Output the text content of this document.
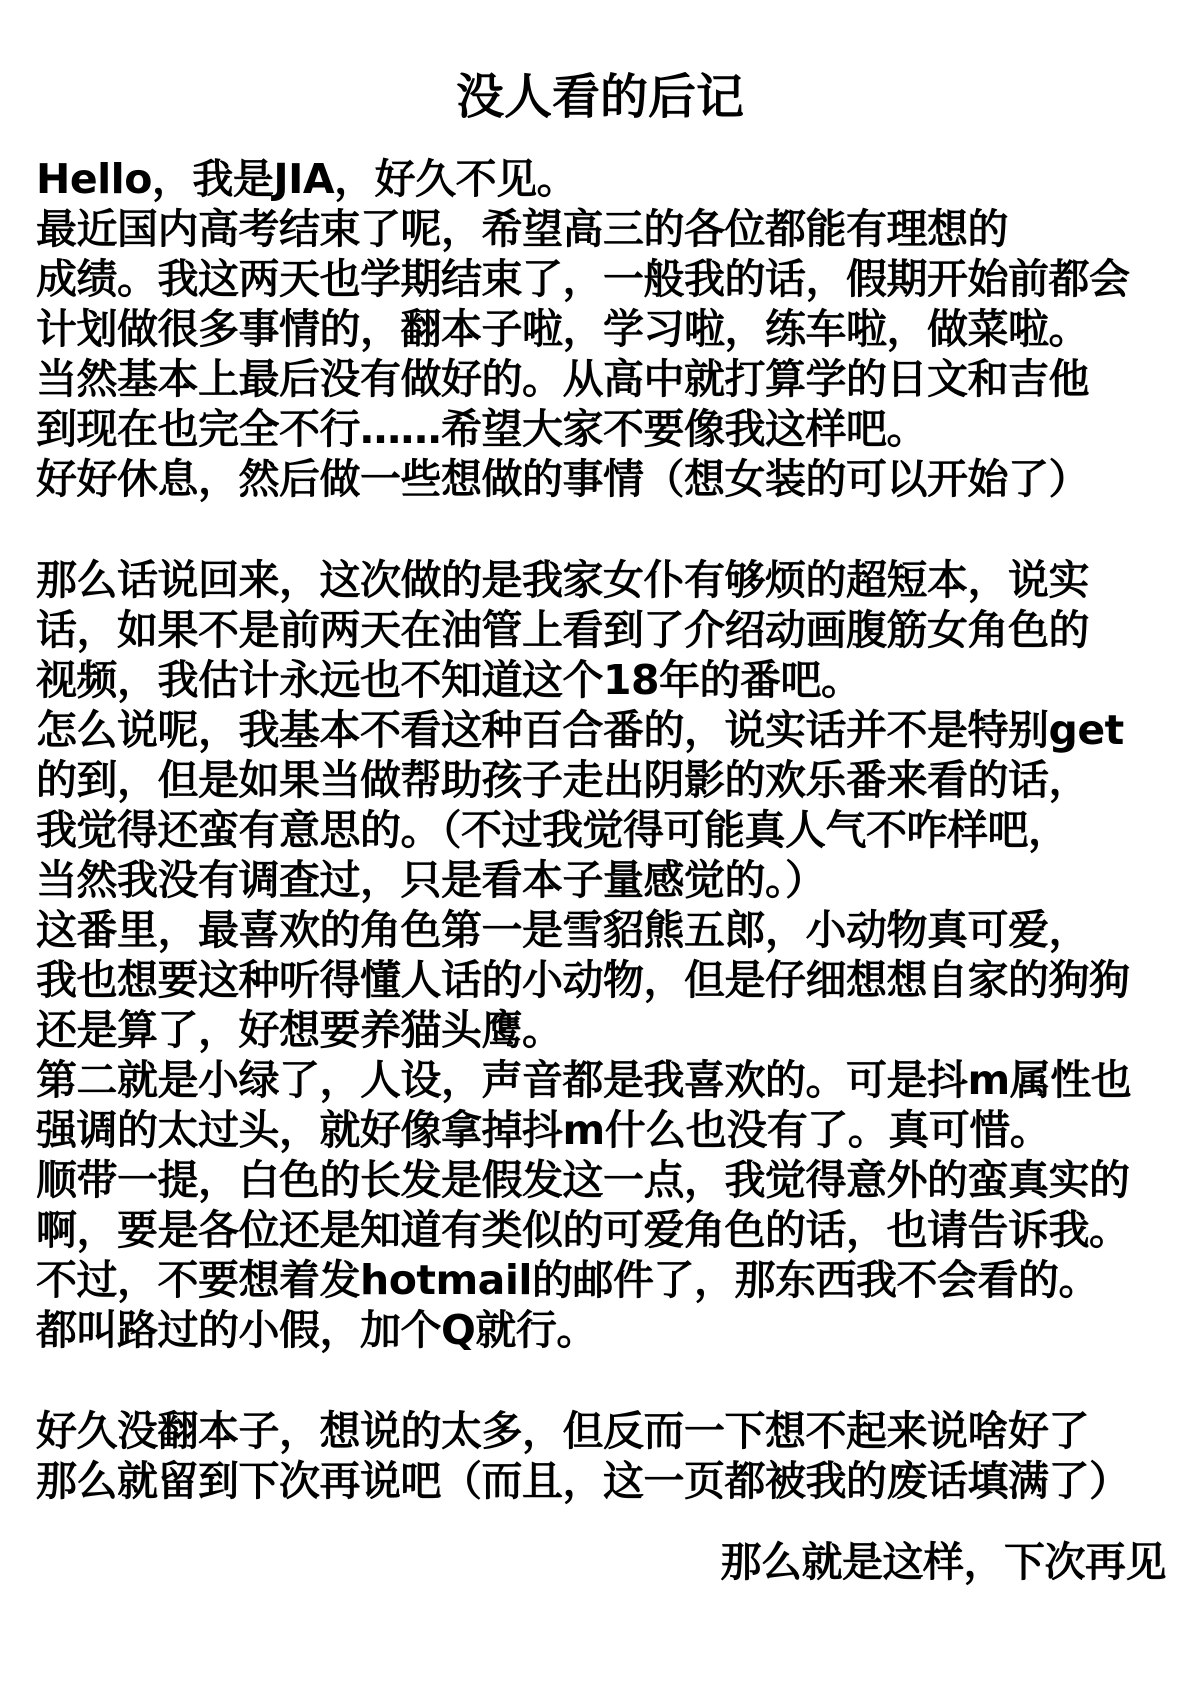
没人看的后记
Hello，我是JIA，好久不见。
最近国内高考结束了呢，希望高三的各位都能有理想的
成绩。我这两天也学期结束了，一般我的话，假期开始前都会
计划做很多事情的，翻本子啦，学习啦，练车啦，做菜啦。
当然基本上最后没有做好的。从高中就打算学的日文和吉他
到现在也完全不行……希望大家不要像我这样吧。
好好休息，然后做一些想做的事情（想女装的可以开始了）
那么话说回来，这次做的是我家女仆有够烦的超短本，说实
话，如果不是前两天在油管上看到了介绍动画腹筋女角色的
视频，我估计永远也不知道这个18年的番吧。
怎么说呢，我基本不看这种百合番的，说实话并不是特别get
的到，但是如果当做帮助孩子走出阴影的欢乐番来看的话，
我觉得还蛮有意思的。（不过我觉得可能真人气不咋样吧，
当然我没有调查过，只是看本子量感觉的。）
这番里，最喜欢的角色第一是雪貂熊五郎，小动物真可爱，
我也想要这种听得懂人话的小动物，但是仔细想想自家的狗狗
还是算了，好想要养猫头鹰。
第二就是小绿了，人设，声音都是我喜欢的。可是抖m属性也
强调的太过头，就好像拿掉抖m什么也没有了。真可惜。
顺带一提，白色的长发是假发这一点，我觉得意外的蛮真实的
啊，要是各位还是知道有类似的可爱角色的话，也请告诉我。
不过，不要想着发hotmail的邮件了，那东西我不会看的。
都叫路过的小假，加个Q就行。
好久没翻本子，想说的太多，但反而一下想不起来说啥好了
那么就留到下次再说吧（而且，这一页都被我的废话填满了）

那么就是这样，下次再见
